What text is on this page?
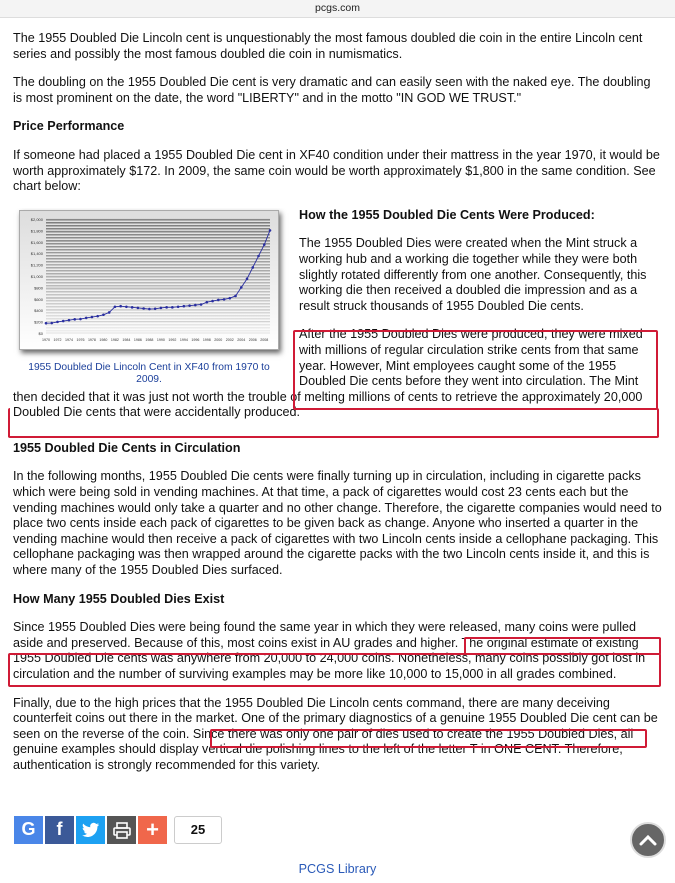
pcgs.com

The 1955 Doubled Die Lincoln cent is unquestionably the most famous doubled die coin in the entire Lincoln cent series and possibly the most famous doubled die coin in numismatics.

The doubling on the 1955 Doubled Die cent is very dramatic and can easily seen with the naked eye. The doubling is most prominent on the date, the word "LIBERTY" and in the motto "IN GOD WE TRUST."

Price Performance

If someone had placed a 1955 Doubled Die cent in XF40 condition under their mattress in the year 1970, it would be worth approximately $172. In 2009, the same coin would be worth approximately $1,800 in the same condition. See chart below:

$0
$200
$400
$600
$800
$1,000
$1,200
$1,400
$1,600
$1,800
$2,000
1970 1972 1974 1976 1978 1980 1982 1984 1986 1988 1990 1992 1994 1996 1998 2000 2002 2004 2006 2008
1955 Doubled Die Lincoln Cent in XF40 from 1970 to 2009.
How the 1955 Doubled Die Cents Were Produced:

The 1955 Doubled Dies were created when the Mint struck a working hub and a working die together while they were both slightly rotated differently from one another. Consequently, this working die then received a doubled die impression and as a result struck thousands of 1955 Doubled Die cents.

After the 1955 Doubled Dies were produced, they were mixed with millions of regular circulation strike cents from that same year. However, Mint employees caught some of the 1955 Doubled Die cents before they went into circulation. The Mint then decided that it was just not worth the trouble of melting millions of cents to retrieve the approximately 20,000 Doubled Die cents that were accidentally produced.

1955 Doubled Die Cents in Circulation

In the following months, 1955 Doubled Die cents were finally turning up in circulation, including in cigarette packs which were being sold in vending machines. At that time, a pack of cigarettes would cost 23 cents each but the vending machines would only take a quarter and no other change. Therefore, the cigarette companies would need to place two cents inside each pack of cigarettes to be given back as change. Anyone who inserted a quarter in the vending machine would then receive a pack of cigarettes with two Lincoln cents inside a cellophane packaging. This cellophane packaging was then wrapped around the cigarette packs with the two Lincoln cents inside it, and this is where many of the 1955 Doubled Dies surfaced.

How Many 1955 Doubled Dies Exist

Since 1955 Doubled Dies were being found the same year in which they were released, many coins were pulled aside and preserved. Because of this, most coins exist in AU grades and higher. The original estimate of existing 1955 Doubled Die cents was anywhere from 20,000 to 24,000 coins. Nonetheless, many coins possibly got lost in circulation and the number of surviving examples may be more like 10,000 to 15,000 in all grades combined.

Finally, due to the high prices that the 1955 Doubled Die Lincoln cents command, there are many deceiving counterfeit coins out there in the market. One of the primary diagnostics of a genuine 1955 Doubled Die cent can be seen on the reverse of the coin. Since there was only one pair of dies used to create the 1955 Doubled Dies, all genuine examples should display vertical die polishing lines to the left of the letter T in ONE CENT. Therefore, authentication is strongly recommended for this variety.

G	f	+	25
PCGS Library
